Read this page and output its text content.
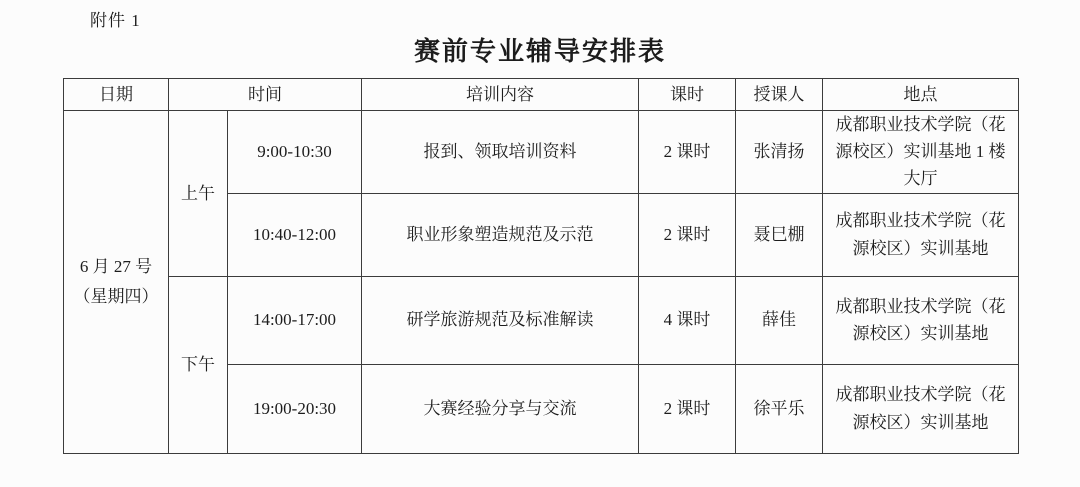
附件 1
赛前专业辅导安排表
日期	时间		培训内容	课时	授课人	地点

6 月 27 号
（星期四）	上午	9:00-10:30	报到、领取培训资料	2 课时	张清扬	成都职业技术学院（花源校区）实训基地 1 楼大厅
		10:40-12:00	职业形象塑造规范及示范	2 课时	聂巳棚	成都职业技术学院（花源校区）实训基地
	下午	14:00-17:00	研学旅游规范及标准解读	4 课时	薛佳	成都职业技术学院（花源校区）实训基地
		19:00-20:30	大赛经验分享与交流	2 课时	徐平乐	成都职业技术学院（花源校区）实训基地
